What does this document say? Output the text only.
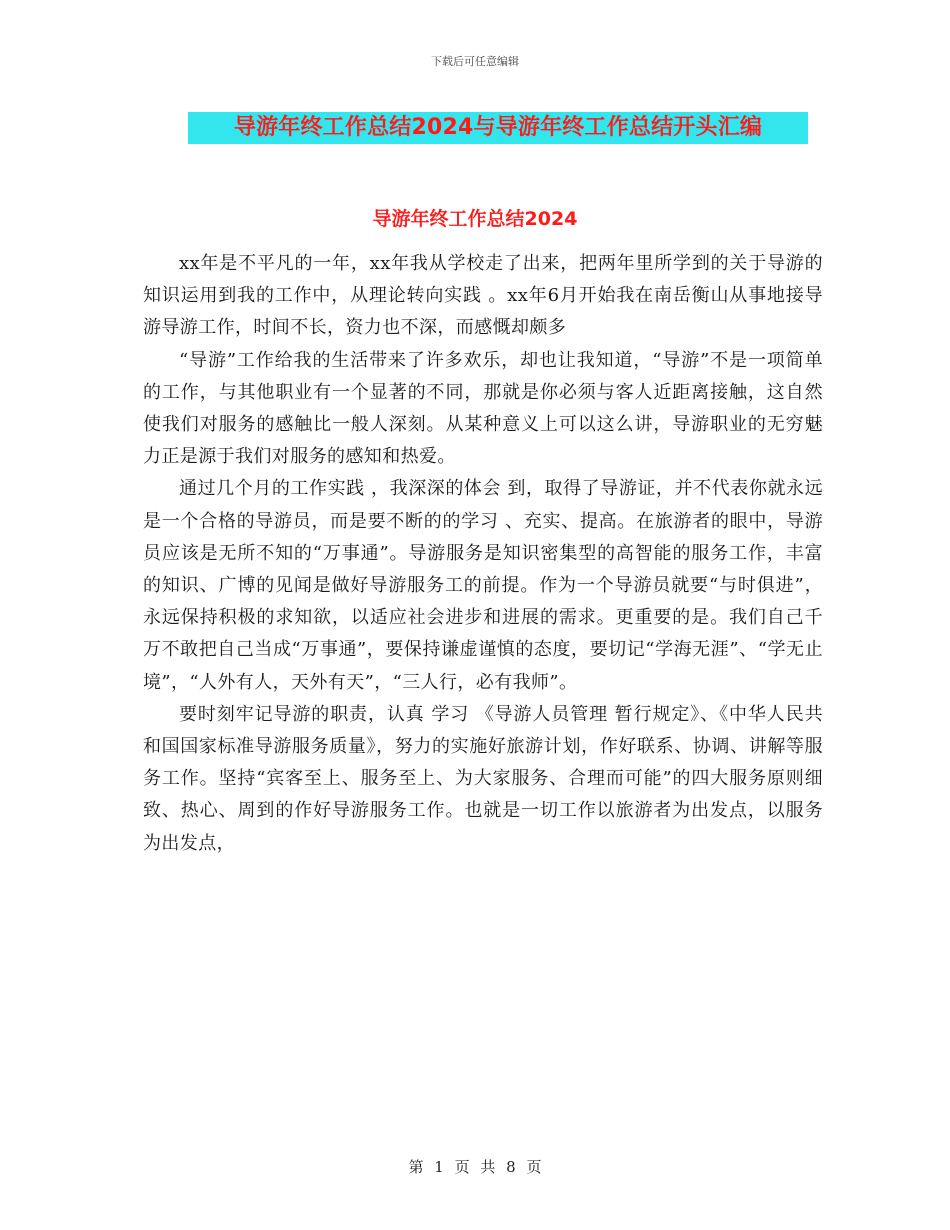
下载后可任意编辑
导游年终工作总结2024与导游年终工作总结开头汇编
导游年终工作总结2024

xx年是不平凡的一年，xx年我从学校走了出来，把两年里所学到的关于导游的知识运用到我的工作中，从理论转向实践 。xx年6月开始我在南岳衡山从事地接导游导游工作，时间不长，资力也不深，而感慨却颇多

“导游”工作给我的生活带来了许多欢乐，却也让我知道，“导游”不是一项简单的工作，与其他职业有一个显著的不同，那就是你必须与客人近距离接触，这自然使我们对服务的感触比一般人深刻。从某种意义上可以这么讲，导游职业的无穷魅力正是源于我们对服务的感知和热爱。

通过几个月的工作实践 ，我深深的体会 到，取得了导游证，并不代表你就永远是一个合格的导游员，而是要不断的的学习 、充实、提高。在旅游者的眼中，导游员应该是无所不知的“万事通”。导游服务是知识密集型的高智能的服务工作，丰富的知识、广博的见闻是做好导游服务工的前提。作为一个导游员就要“与时俱进”，永远保持积极的求知欲，以适应社会进步和进展的需求。更重要的是。我们自己千万不敢把自己当成“万事通”，要保持谦虚谨慎的态度，要切记“学海无涯”、“学无止境”，“人外有人，天外有天”，“三人行，必有我师”。

要时刻牢记导游的职责，认真 学习 《导游人员管理 暂行规定》、《中华人民共和国国家标准导游服务质量》，努力的实施好旅游计划，作好联系、协调、讲解等服务工作。坚持“宾客至上、服务至上、为大家服务、合理而可能”的四大服务原则细致、热心、周到的作好导游服务工作。也就是一切工作以旅游者为出发点，以服务为出发点，

第 1 页 共 8 页
